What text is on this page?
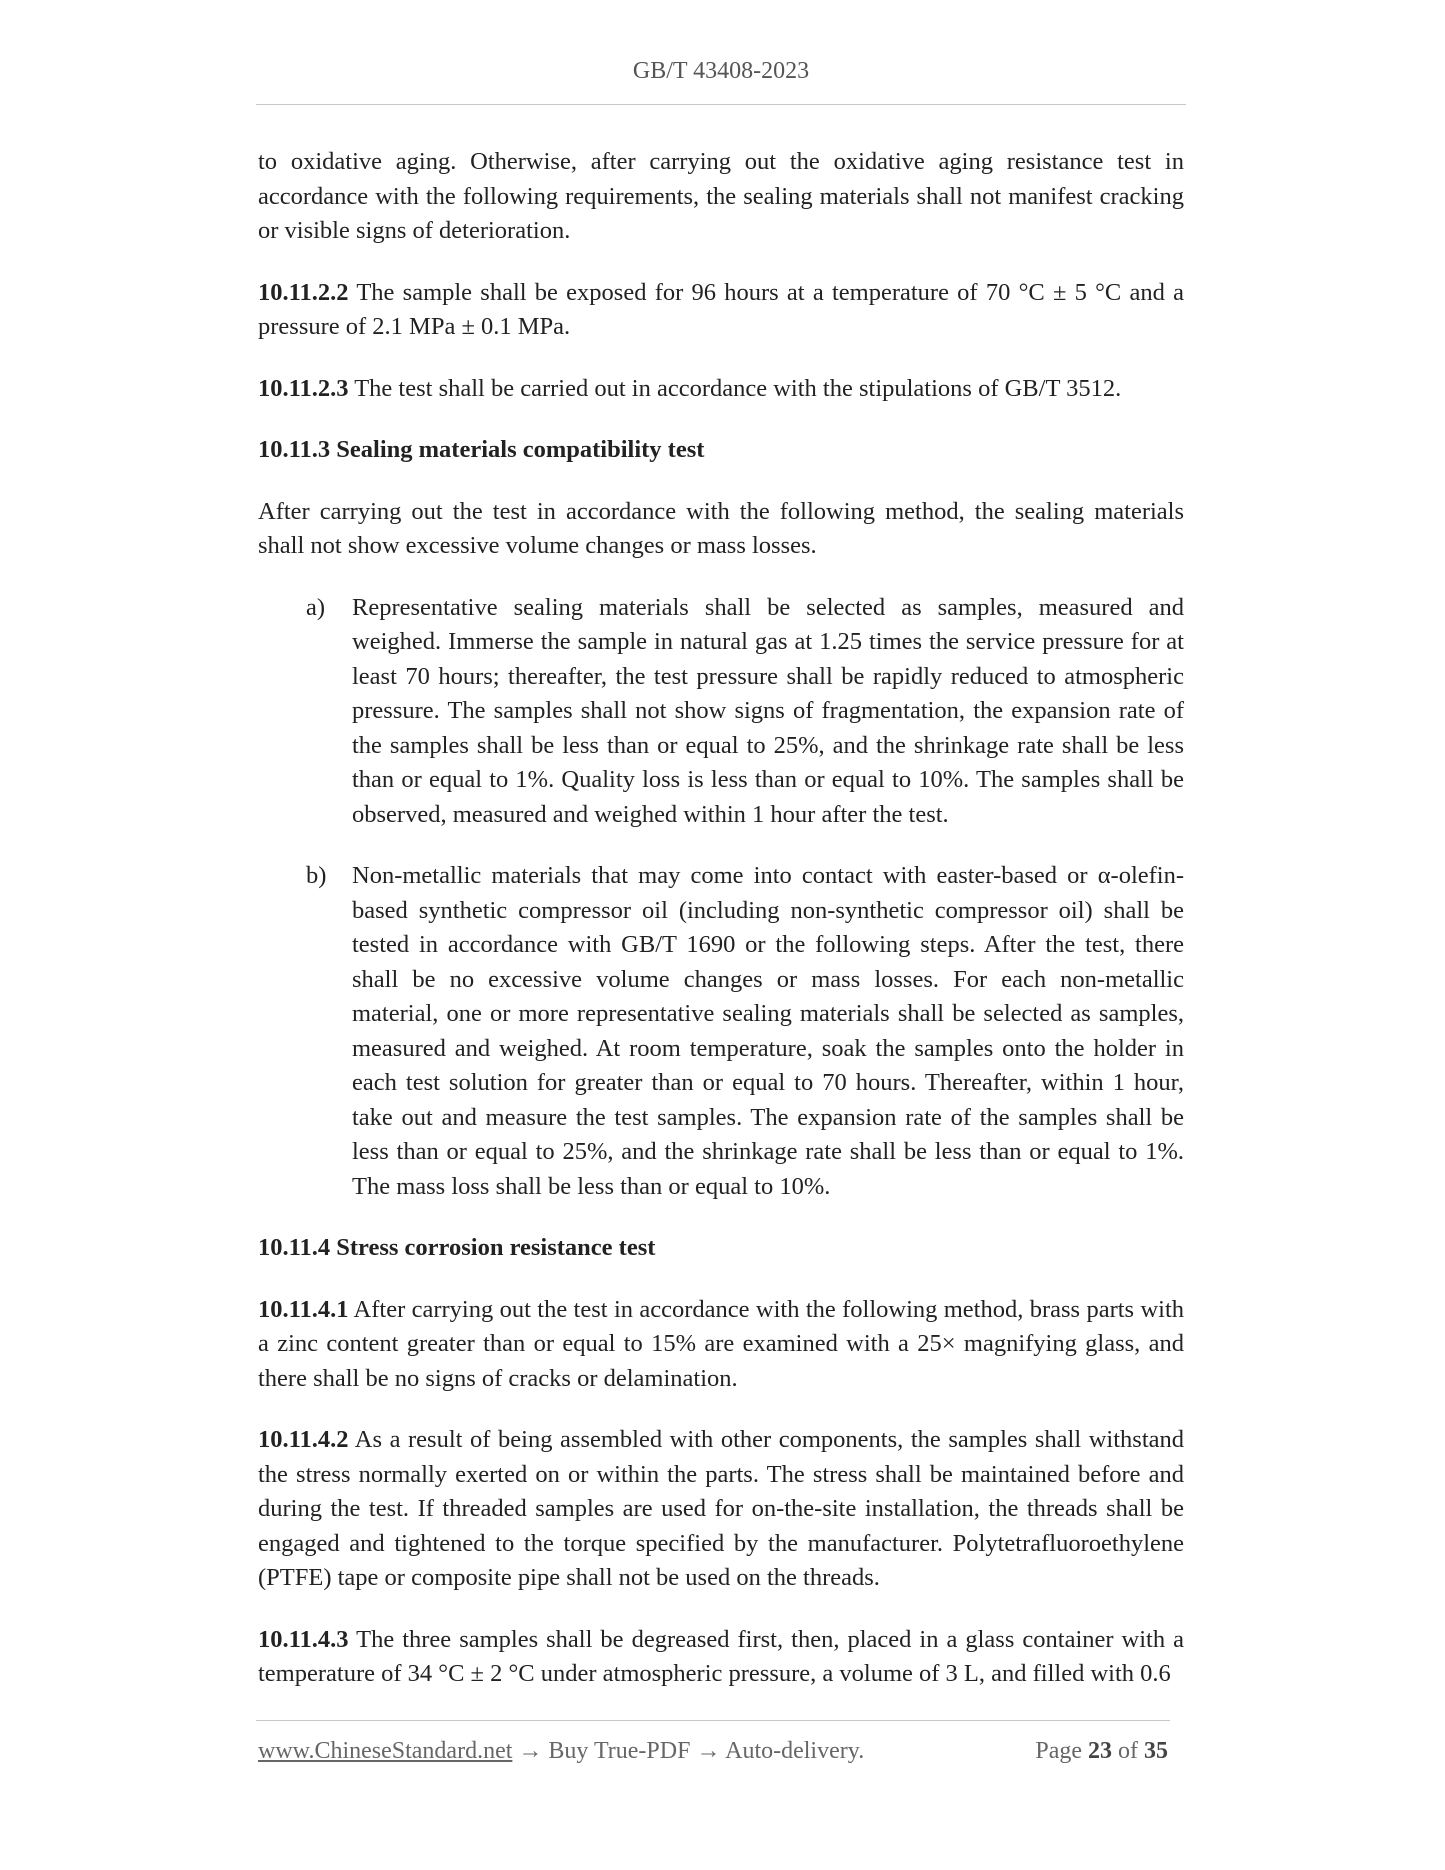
GB/T 43408-2023

to oxidative aging. Otherwise, after carrying out the oxidative aging resistance test in accordance with the following requirements, the sealing materials shall not manifest cracking or visible signs of deterioration.

10.11.2.2 The sample shall be exposed for 96 hours at a temperature of 70 °C ± 5 °C and a pressure of 2.1 MPa ± 0.1 MPa.

10.11.2.3 The test shall be carried out in accordance with the stipulations of GB/T 3512.

10.11.3 Sealing materials compatibility test

After carrying out the test in accordance with the following method, the sealing materials shall not show excessive volume changes or mass losses.

a)	Representative sealing materials shall be selected as samples, measured and weighed. Immerse the sample in natural gas at 1.25 times the service pressure for at least 70 hours; thereafter, the test pressure shall be rapidly reduced to atmospheric pressure. The samples shall not show signs of fragmentation, the expansion rate of the samples shall be less than or equal to 25%, and the shrinkage rate shall be less than or equal to 1%. Quality loss is less than or equal to 10%. The samples shall be observed, measured and weighed within 1 hour after the test.
b)	Non-metallic materials that may come into contact with easter-based or α-olefin-based synthetic compressor oil (including non-synthetic compressor oil) shall be tested in accordance with GB/T 1690 or the following steps. After the test, there shall be no excessive volume changes or mass losses. For each non-metallic material, one or more representative sealing materials shall be selected as samples, measured and weighed. At room temperature, soak the samples onto the holder in each test solution for greater than or equal to 70 hours. Thereafter, within 1 hour, take out and measure the test samples. The expansion rate of the samples shall be less than or equal to 25%, and the shrinkage rate shall be less than or equal to 1%. The mass loss shall be less than or equal to 10%.

10.11.4 Stress corrosion resistance test

10.11.4.1 After carrying out the test in accordance with the following method, brass parts with a zinc content greater than or equal to 15% are examined with a 25× magnifying glass, and there shall be no signs of cracks or delamination.

10.11.4.2 As a result of being assembled with other components, the samples shall withstand the stress normally exerted on or within the parts. The stress shall be maintained before and during the test. If threaded samples are used for on-the-site installation, the threads shall be engaged and tightened to the torque specified by the manufacturer. Polytetrafluoroethylene (PTFE) tape or composite pipe shall not be used on the threads.

10.11.4.3 The three samples shall be degreased first, then, placed in a glass container with a temperature of 34 °C ± 2 °C under atmospheric pressure, a volume of 3 L, and filled with 0.6

www.ChineseStandard.net → Buy True-PDF → Auto-delivery.	Page 23 of 35
